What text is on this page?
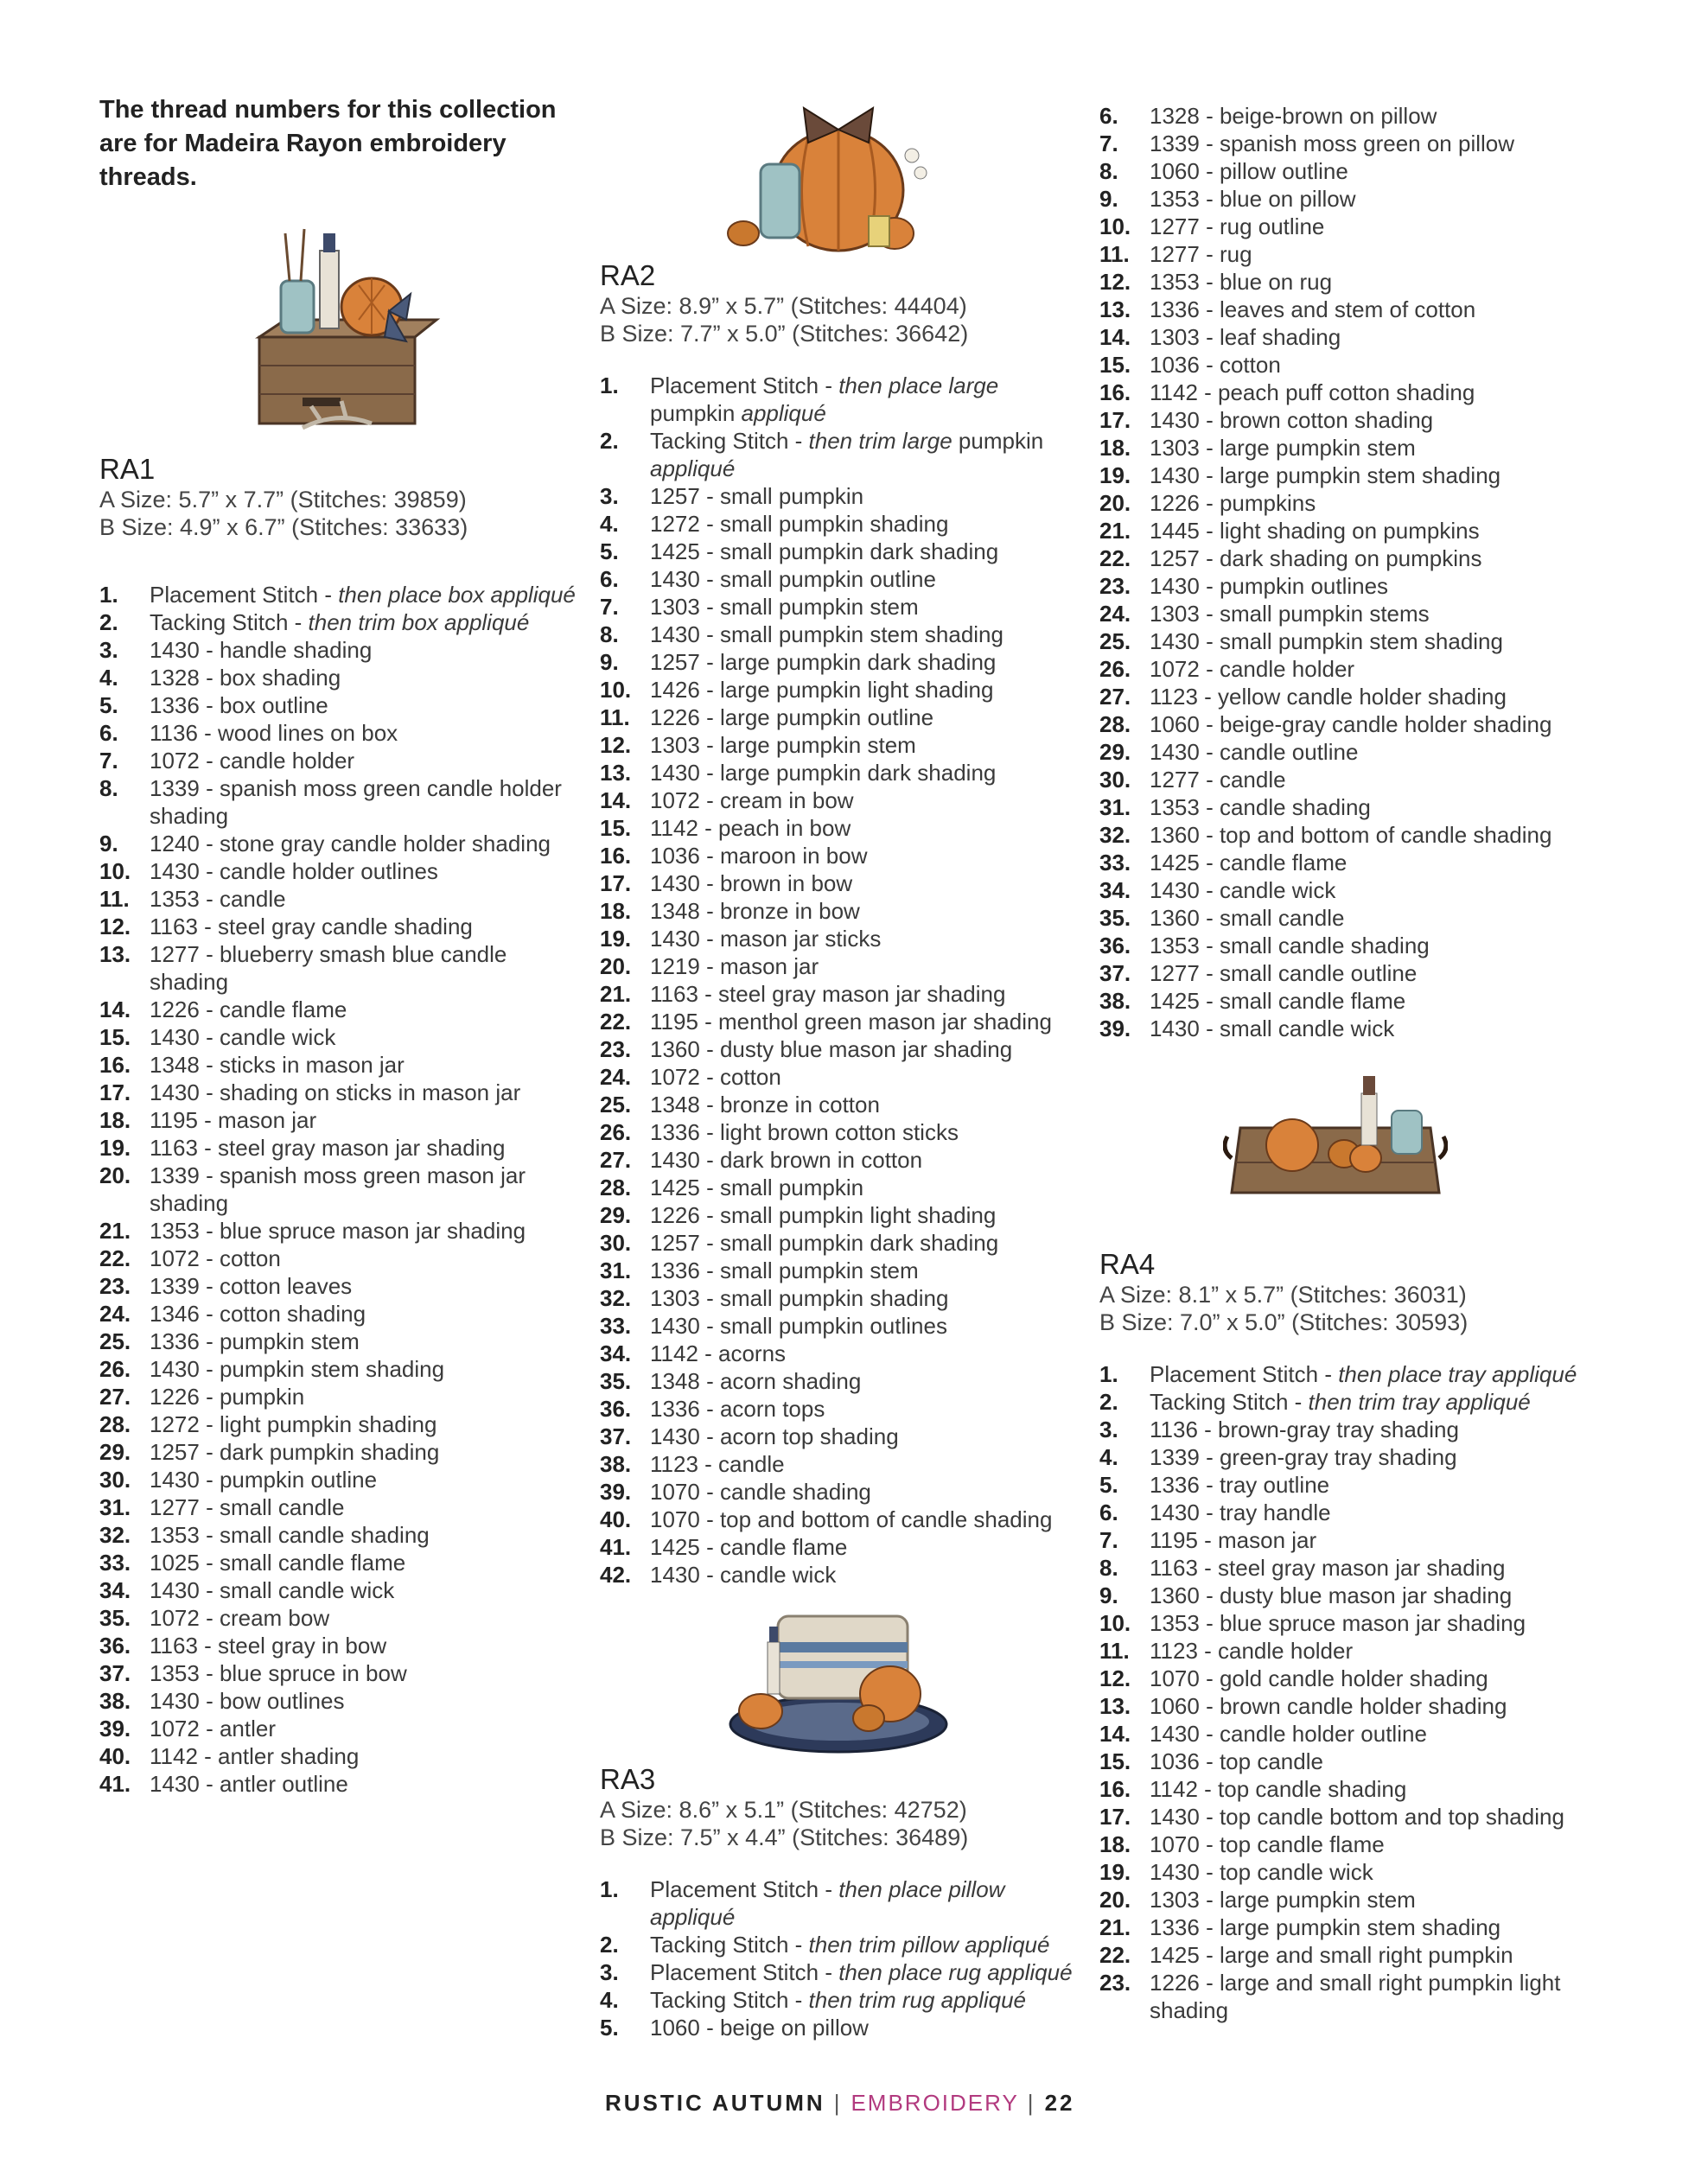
The thread numbers for this collection are for Madeira Rayon embroidery threads.
RA1
A Size: 5.7” x 7.7” (Stitches: 39859)
B Size: 4.9” x 6.7” (Stitches: 33633)
1. Placement Stitch - then place box appliqué
2. Tacking Stitch - then trim box appliqué
3. 1430 - handle shading
4. 1328 - box shading
5. 1336 - box outline
6. 1136 - wood lines on box
7. 1072 - candle holder
8. 1339 - spanish moss green candle holder shading
9. 1240 - stone gray candle holder shading
10. 1430 - candle holder outlines
11. 1353 - candle
12. 1163 - steel gray candle shading
13. 1277 - blueberry smash blue candle shading
14. 1226 - candle flame
15. 1430 - candle wick
16. 1348 - sticks in mason jar
17. 1430 - shading on sticks in mason jar
18. 1195 - mason jar
19. 1163 - steel gray mason jar shading
20. 1339 - spanish moss green mason jar shading
21. 1353 - blue spruce mason jar shading
22. 1072 - cotton
23. 1339 - cotton leaves
24. 1346 - cotton shading
25. 1336 - pumpkin stem
26. 1430 - pumpkin stem shading
27. 1226 - pumpkin
28. 1272 - light pumpkin shading
29. 1257 - dark pumpkin shading
30. 1430 - pumpkin outline
31. 1277 - small candle
32. 1353 - small candle shading
33. 1025 - small candle flame
34. 1430 - small candle wick
35. 1072 - cream bow
36. 1163 - steel gray in bow
37. 1353 - blue spruce in bow
38. 1430 - bow outlines
39. 1072 - antler
40. 1142 - antler shading
41. 1430 - antler outline
RA2
A Size: 8.9” x 5.7” (Stitches: 44404)
B Size: 7.7” x 5.0” (Stitches: 36642)
1. Placement Stitch - then place large pumpkin appliqué
2. Tacking Stitch - then trim large pumpkin appliqué
3. 1257 - small pumpkin
4. 1272 - small pumpkin shading
5. 1425 - small pumpkin dark shading
6. 1430 - small pumpkin outline
7. 1303 - small pumpkin stem
8. 1430 - small pumpkin stem shading
9. 1257 - large pumpkin dark shading
10. 1426 - large pumpkin light shading
11. 1226 - large pumpkin outline
12. 1303 - large pumpkin stem
13. 1430 - large pumpkin dark shading
14. 1072 - cream in bow
15. 1142 - peach in bow
16. 1036 - maroon in bow
17. 1430 - brown in bow
18. 1348 - bronze in bow
19. 1430 - mason jar sticks
20. 1219 - mason jar
21. 1163 - steel gray mason jar shading
22. 1195 - menthol green mason jar shading
23. 1360 - dusty blue mason jar shading
24. 1072 - cotton
25. 1348 - bronze in cotton
26. 1336 - light brown cotton sticks
27. 1430 - dark brown in cotton
28. 1425 - small pumpkin
29. 1226 - small pumpkin light shading
30. 1257 - small pumpkin dark shading
31. 1336 - small pumpkin stem
32. 1303 - small pumpkin shading
33. 1430 - small pumpkin outlines
34. 1142 - acorns
35. 1348 - acorn shading
36. 1336 - acorn tops
37. 1430 - acorn top shading
38. 1123 - candle
39. 1070 - candle shading
40. 1070 - top and bottom of candle shading
41. 1425 - candle flame
42. 1430 - candle wick
RA3
A Size: 8.6” x 5.1” (Stitches: 42752)
B Size: 7.5” x 4.4” (Stitches: 36489)
1. Placement Stitch - then place pillow appliqué
2. Tacking Stitch - then trim pillow appliqué
3. Placement Stitch - then place rug appliqué
4. Tacking Stitch - then trim rug appliqué
5. 1060 - beige on pillow
6. 1328 - beige-brown on pillow
7. 1339 - spanish moss green on pillow
8. 1060 - pillow outline
9. 1353 - blue on pillow
10. 1277 - rug outline
11. 1277 - rug
12. 1353 - blue on rug
13. 1336 - leaves and stem of cotton
14. 1303 - leaf shading
15. 1036 - cotton
16. 1142 - peach puff cotton shading
17. 1430 - brown cotton shading
18. 1303 - large pumpkin stem
19. 1430 - large pumpkin stem shading
20. 1226 - pumpkins
21. 1445 - light shading on pumpkins
22. 1257 - dark shading on pumpkins
23. 1430 - pumpkin outlines
24. 1303 - small pumpkin stems
25. 1430 - small pumpkin stem shading
26. 1072 - candle holder
27. 1123 - yellow candle holder shading
28. 1060 - beige-gray candle holder shading
29. 1430 - candle outline
30. 1277 - candle
31. 1353 - candle shading
32. 1360 - top and bottom of candle shading
33. 1425 - candle flame
34. 1430 - candle wick
35. 1360 - small candle
36. 1353 - small candle shading
37. 1277 - small candle outline
38. 1425 - small candle flame
39. 1430 - small candle wick
RA4
A Size: 8.1” x 5.7” (Stitches: 36031)
B Size: 7.0” x 5.0” (Stitches: 30593)
1. Placement Stitch - then place tray appliqué
2. Tacking Stitch - then trim tray appliqué
3. 1136 - brown-gray tray shading
4. 1339 - green-gray tray shading
5. 1336 - tray outline
6. 1430 - tray handle
7. 1195 - mason jar
8. 1163 - steel gray mason jar shading
9. 1360 - dusty blue mason jar shading
10. 1353 - blue spruce mason jar shading
11. 1123 - candle holder
12. 1070 - gold candle holder shading
13. 1060 - brown candle holder shading
14. 1430 - candle holder outline
15. 1036 - top candle
16. 1142 - top candle shading
17. 1430 - top candle bottom and top shading
18. 1070 - top candle flame
19. 1430 - top candle wick
20. 1303 - large pumpkin stem
21. 1336 - large pumpkin stem shading
22. 1425 - large and small right pumpkin
23. 1226 - large and small right pumpkin light shading
RUSTIC AUTUMN | EMBROIDERY | 22
